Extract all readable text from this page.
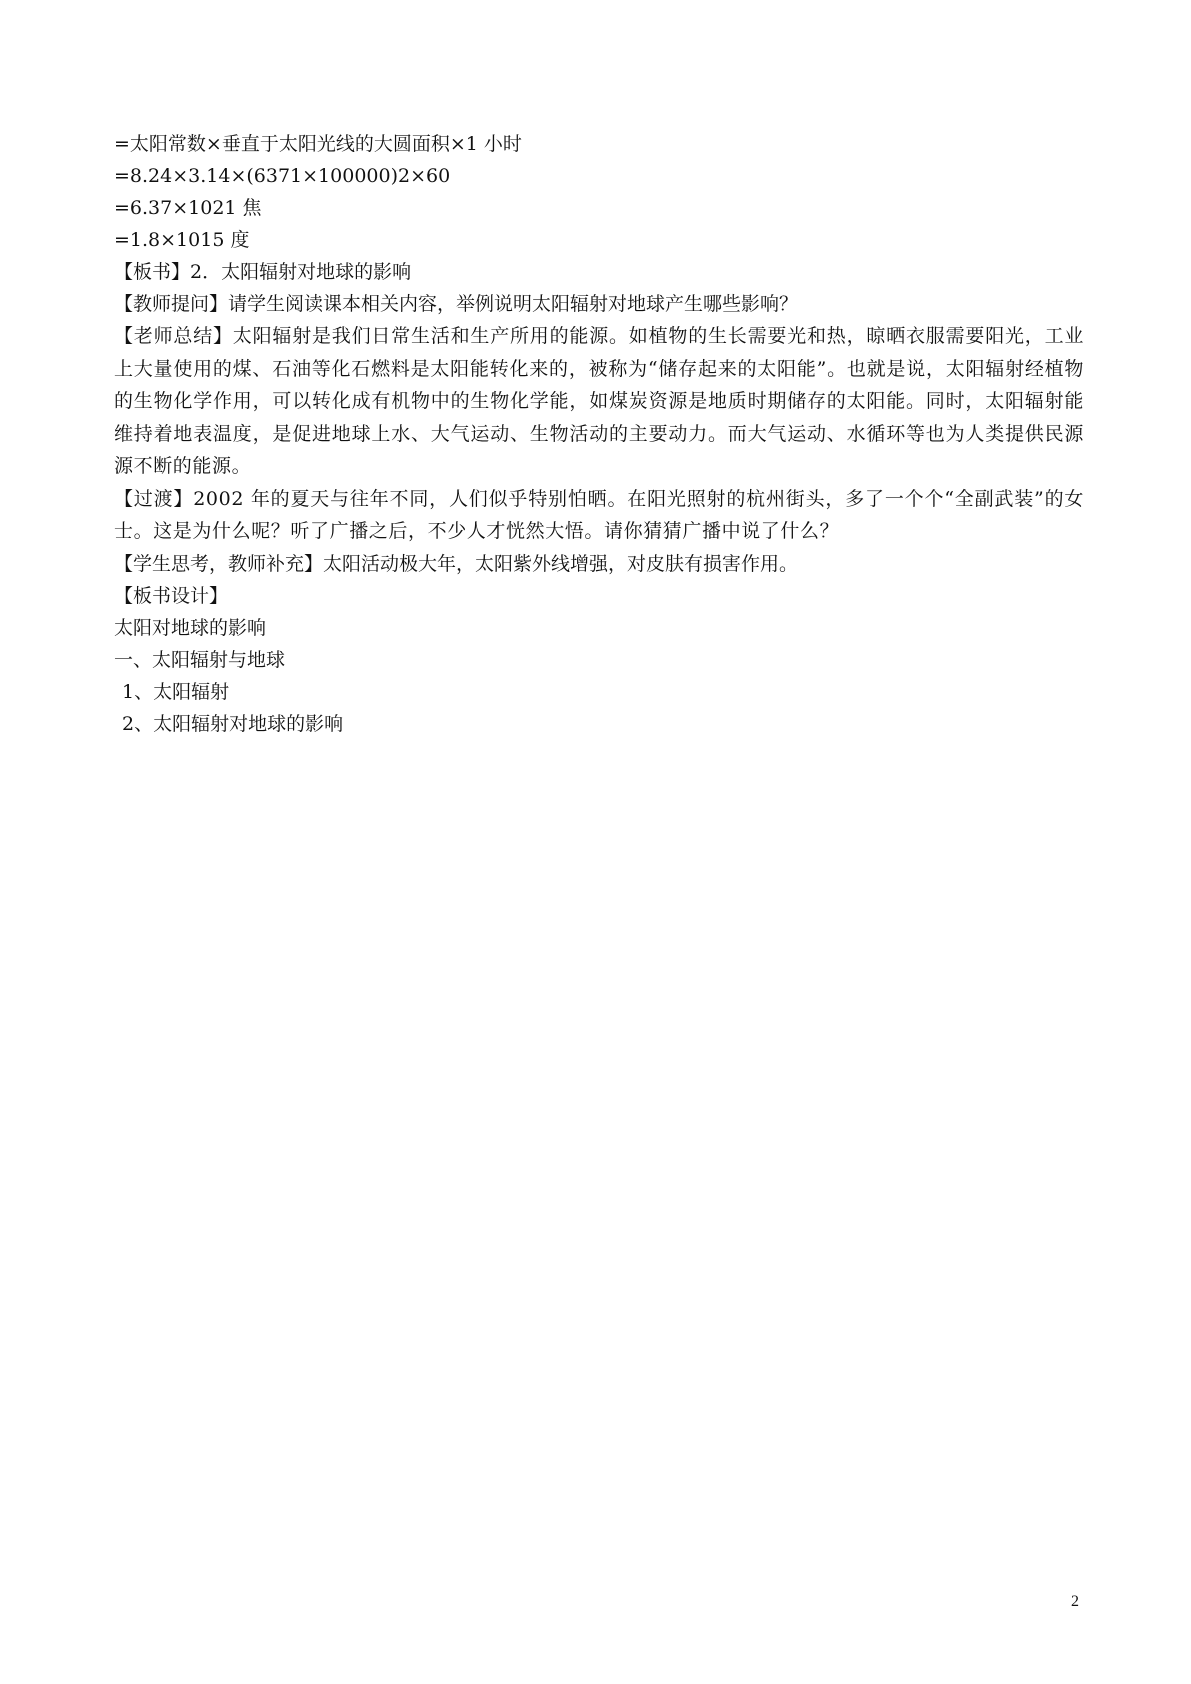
=太阳常数×垂直于太阳光线的大圆面积×1 小时

=8.24×3.14×(6371×100000)2×60

=6.37×1021 焦

=1.8×1015 度

【板书】2．太阳辐射对地球的影响

【教师提问】请学生阅读课本相关内容，举例说明太阳辐射对地球产生哪些影响？

【老师总结】太阳辐射是我们日常生活和生产所用的能源。如植物的生长需要光和热，晾晒衣服需要阳光，工业上大量使用的煤、石油等化石燃料是太阳能转化来的，被称为“储存起来的太阳能”。也就是说，太阳辐射经植物的生物化学作用，可以转化成有机物中的生物化学能，如煤炭资源是地质时期储存的太阳能。同时，太阳辐射能维持着地表温度，是促进地球上水、大气运动、生物活动的主要动力。而大气运动、水循环等也为人类提供民源源不断的能源。

【过渡】2002 年的夏天与往年不同，人们似乎特别怕晒。在阳光照射的杭州街头，多了一个个“全副武装”的女士。这是为什么呢？听了广播之后，不少人才恍然大悟。请你猜猜广播中说了什么？

【学生思考，教师补充】太阳活动极大年，太阳紫外线增强，对皮肤有损害作用。

【板书设计】

太阳对地球的影响

一、太阳辐射与地球

1、太阳辐射

2、太阳辐射对地球的影响

2
